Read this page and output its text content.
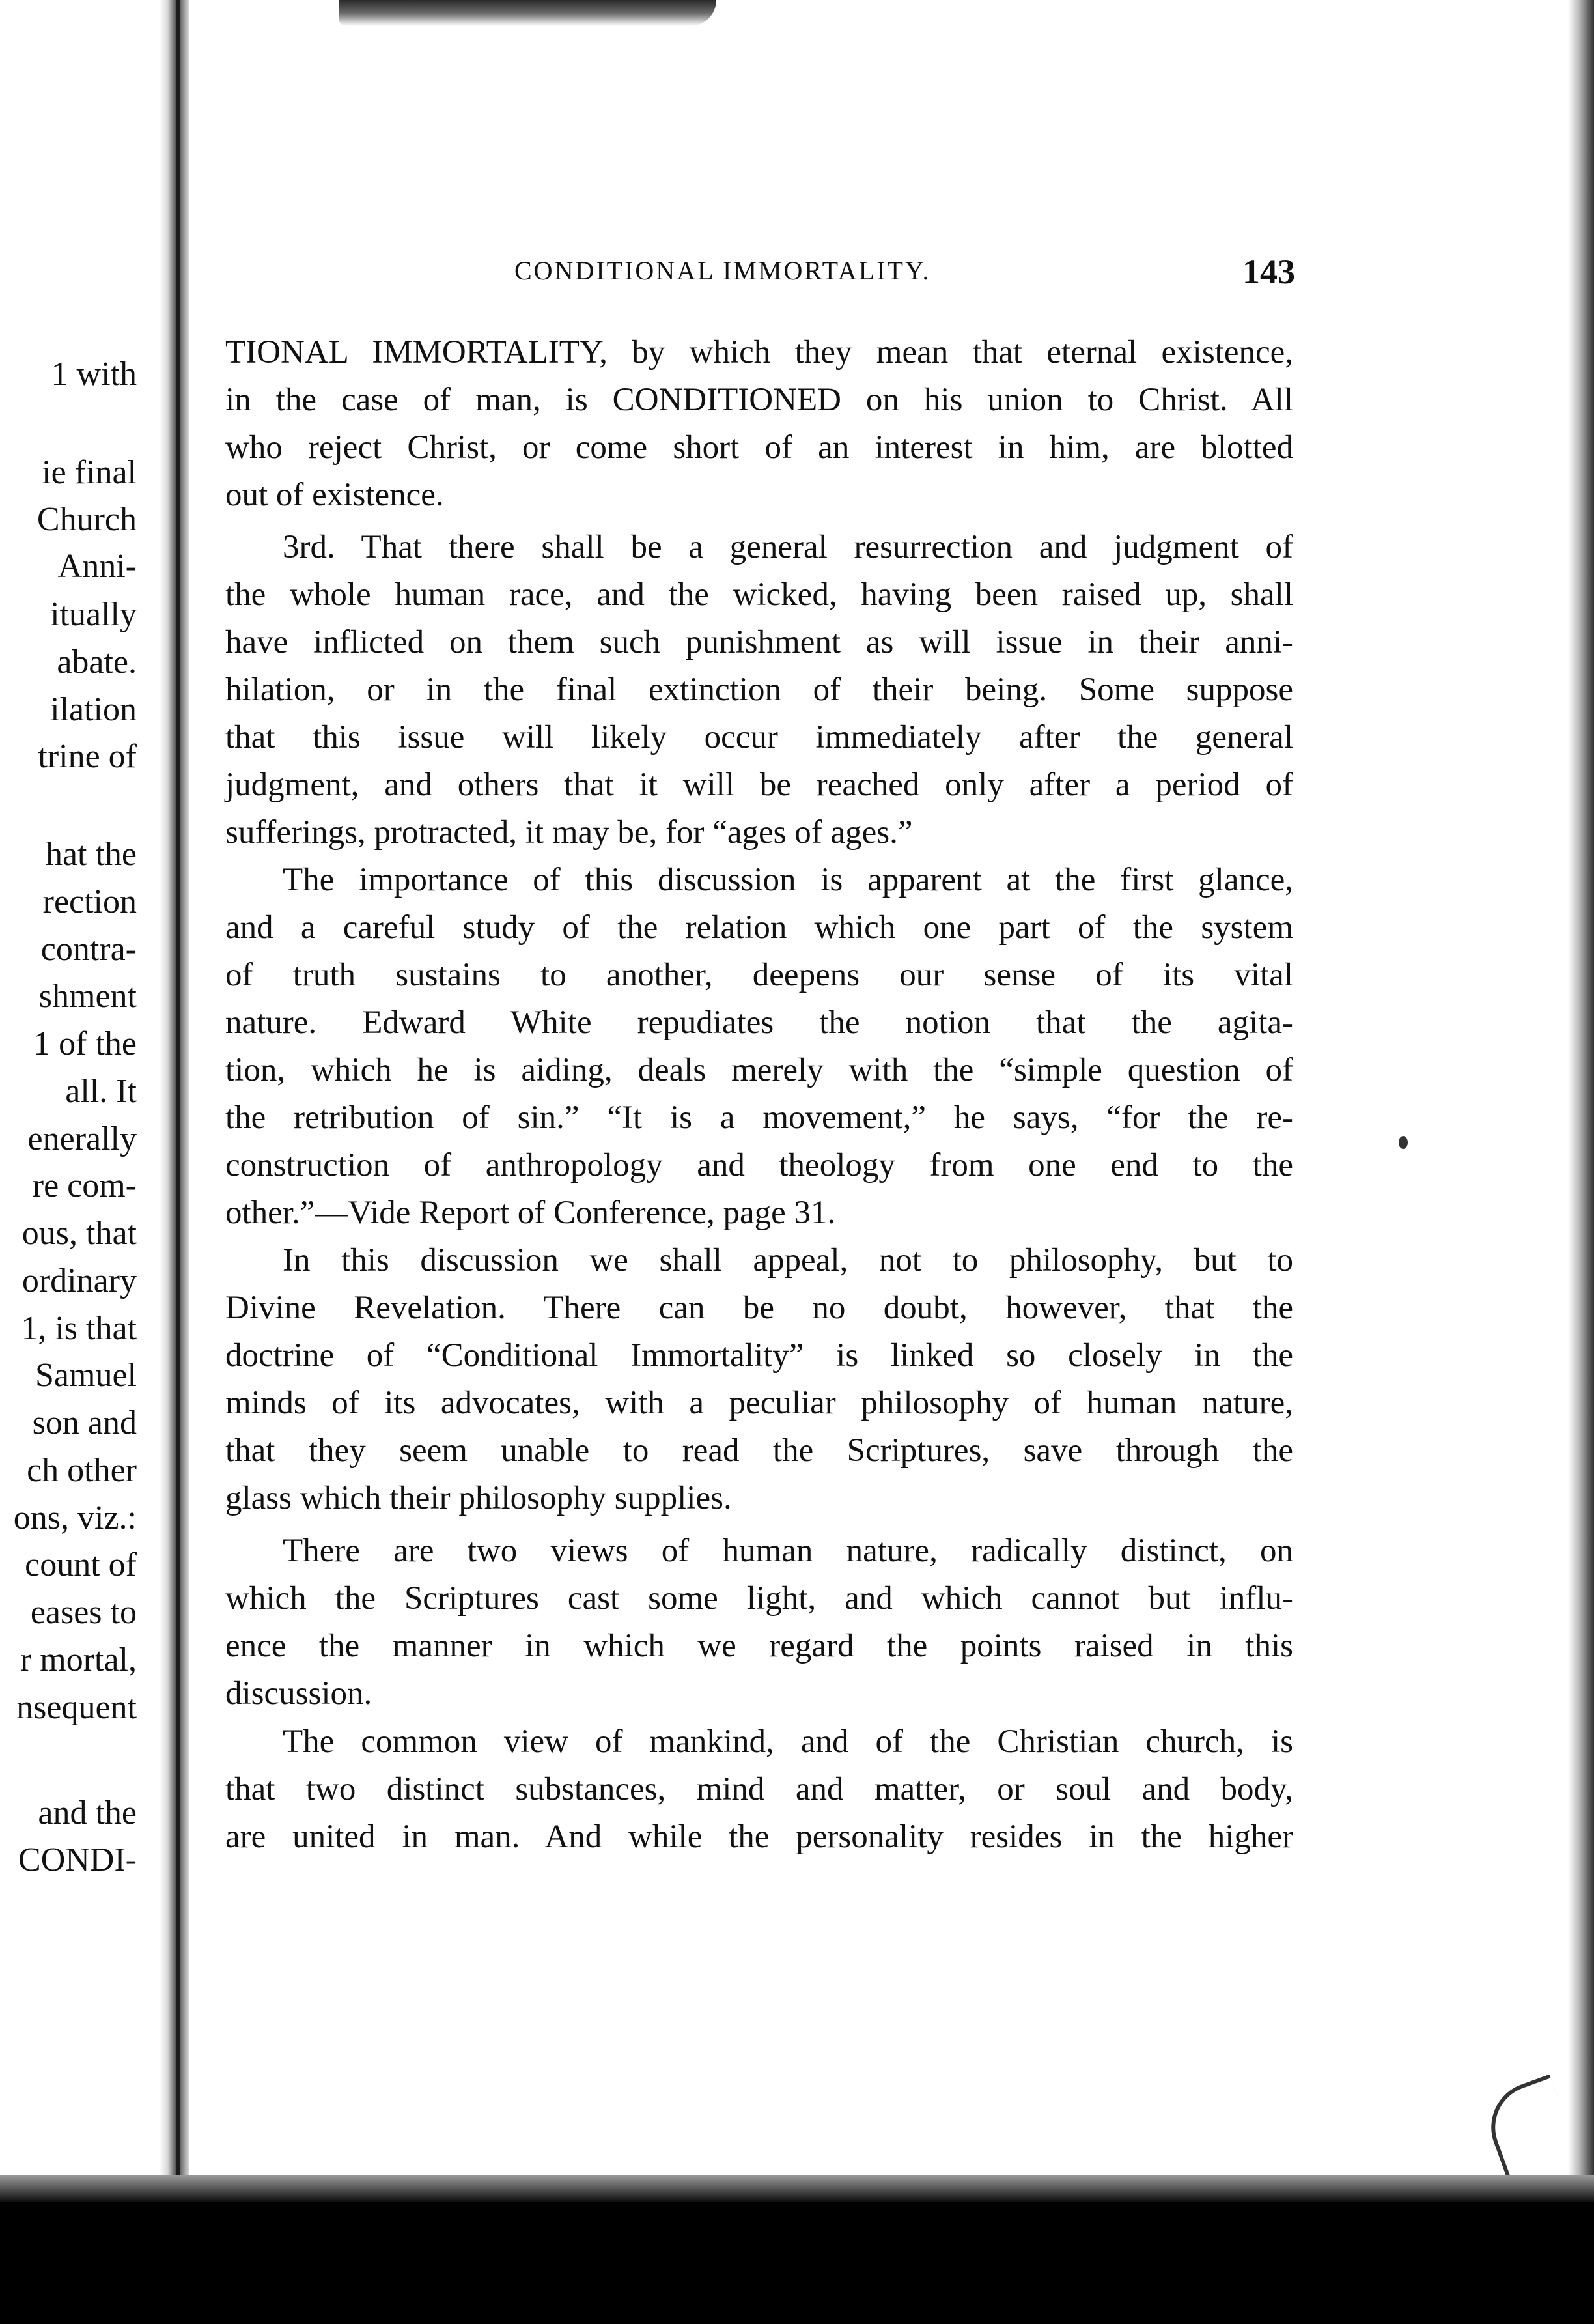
1 with
ie final
Church
Anni-
itually
abate.
ilation
trine of
hat the
rection
contra-
shment
1 of the
all. It
enerally
re com-
ous, that
ordinary
1, is that
Samuel
son and
ch other
ons, viz.:
count of
eases to
r mortal,
nsequent
and the
CONDI-
CONDITIONAL IMMORTALITY.	143
TIONAL IMMORTALITY, by which they mean that eternal existence,
in the case of man, is CONDITIONED on his union to Christ. All
who reject Christ, or come short of an interest in him, are blotted
out of existence.
3rd. That there shall be a general resurrection and judgment of
the whole human race, and the wicked, having been raised up, shall
have inflicted on them such punishment as will issue in their anni-
hilation, or in the final extinction of their being. Some suppose
that this issue will likely occur immediately after the general
judgment, and others that it will be reached only after a period of
sufferings, protracted, it may be, for “ages of ages.”
The importance of this discussion is apparent at the first glance,
and a careful study of the relation which one part of the system
of truth sustains to another, deepens our sense of its vital
nature. Edward White repudiates the notion that the agita-
tion, which he is aiding, deals merely with the “simple question of
the retribution of sin.” “It is a movement,” he says, “for the re-
construction of anthropology and theology from one end to the
other.”—Vide Report of Conference, page 31.
In this discussion we shall appeal, not to philosophy, but to
Divine Revelation. There can be no doubt, however, that the
doctrine of “Conditional Immortality” is linked so closely in the
minds of its advocates, with a peculiar philosophy of human nature,
that they seem unable to read the Scriptures, save through the
glass which their philosophy supplies.
There are two views of human nature, radically distinct, on
which the Scriptures cast some light, and which cannot but influ-
ence the manner in which we regard the points raised in this
discussion.
The common view of mankind, and of the Christian church, is
that two distinct substances, mind and matter, or soul and body,
are united in man. And while the personality resides in the higher
